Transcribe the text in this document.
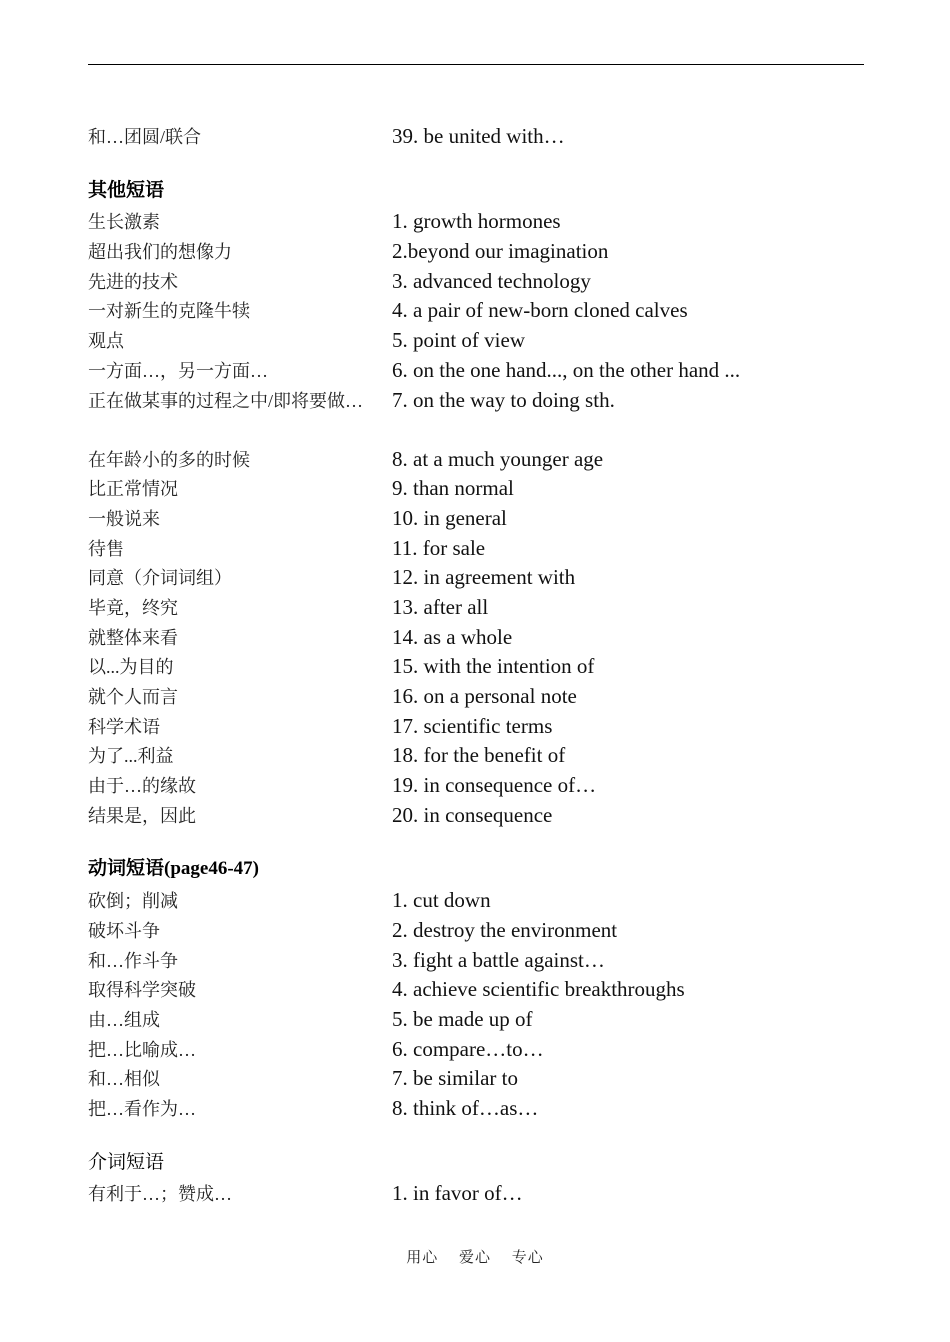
和…团圆/联合	39. be united with…
其他短语
生长激素	1. growth hormones
超出我们的想像力	2.beyond our imagination
先进的技术	3. advanced technology
一对新生的克隆牛犊	4. a pair of new-born cloned calves
观点	5. point of view
一方面…，另一方面…	6. on the one hand..., on the other hand ...
正在做某事的过程之中/即将要做…	7. on the way to doing sth.
在年龄小的多的时候	8. at a much younger age
比正常情况	9. than normal
一般说来	10. in general
待售	11. for sale
同意（介词词组）	12. in agreement with
毕竟，终究	13. after all
就整体来看	14. as a whole
以...为目的	15. with the intention of
就个人而言	16. on a personal note
科学术语	17. scientific terms
为了...利益	18. for the benefit of
由于…的缘故	19. in consequence of…
结果是，因此	20. in consequence
动词短语(page46-47)
砍倒；削减	1. cut down
破坏斗争	2. destroy the environment
和…作斗争	3. fight a battle against…
取得科学突破	4. achieve scientific breakthroughs
由…组成	5. be made up of
把…比喻成…	6. compare…to…
和…相似	7. be similar to
把…看作为…	8. think of…as…
介词短语
有利于…；赞成…	1. in favor of…
用心 爱心 专心
